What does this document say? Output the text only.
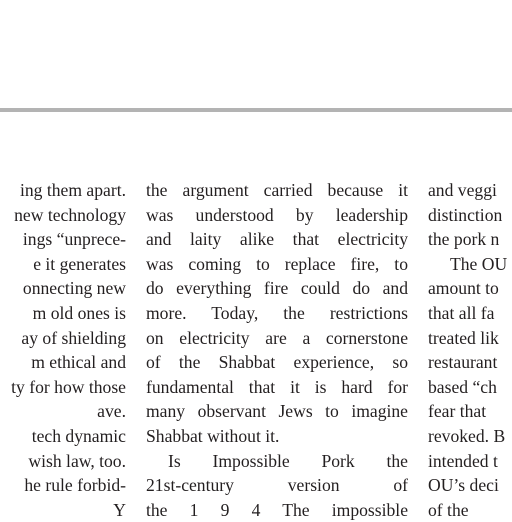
ing them apart.
new technology
ings “unprece-
e it generates
onnecting new
m old ones is
ay of shielding
m ethical and
ty for how those
ave.
tech dynamic
wish law, too.
he rule forbid-
Y
the argument carried because it
was understood by leadership
and laity alike that electricity
was coming to replace fire, to
do everything fire could do and
more. Today, the restrictions
on electricity are a cornerstone
of the Shabbat experience, so
fundamental that it is hard for
many observant Jews to imagine
Shabbat without it.
Is Impossible Pork the
21st-century version of
the 1 9 4 The impossible
and veggi
distinction
the pork n
The OU
amount to
that all fa
treated lik
restaurant
based “ch
fear that
revoked. B
intended t
OU’s deci
of the
